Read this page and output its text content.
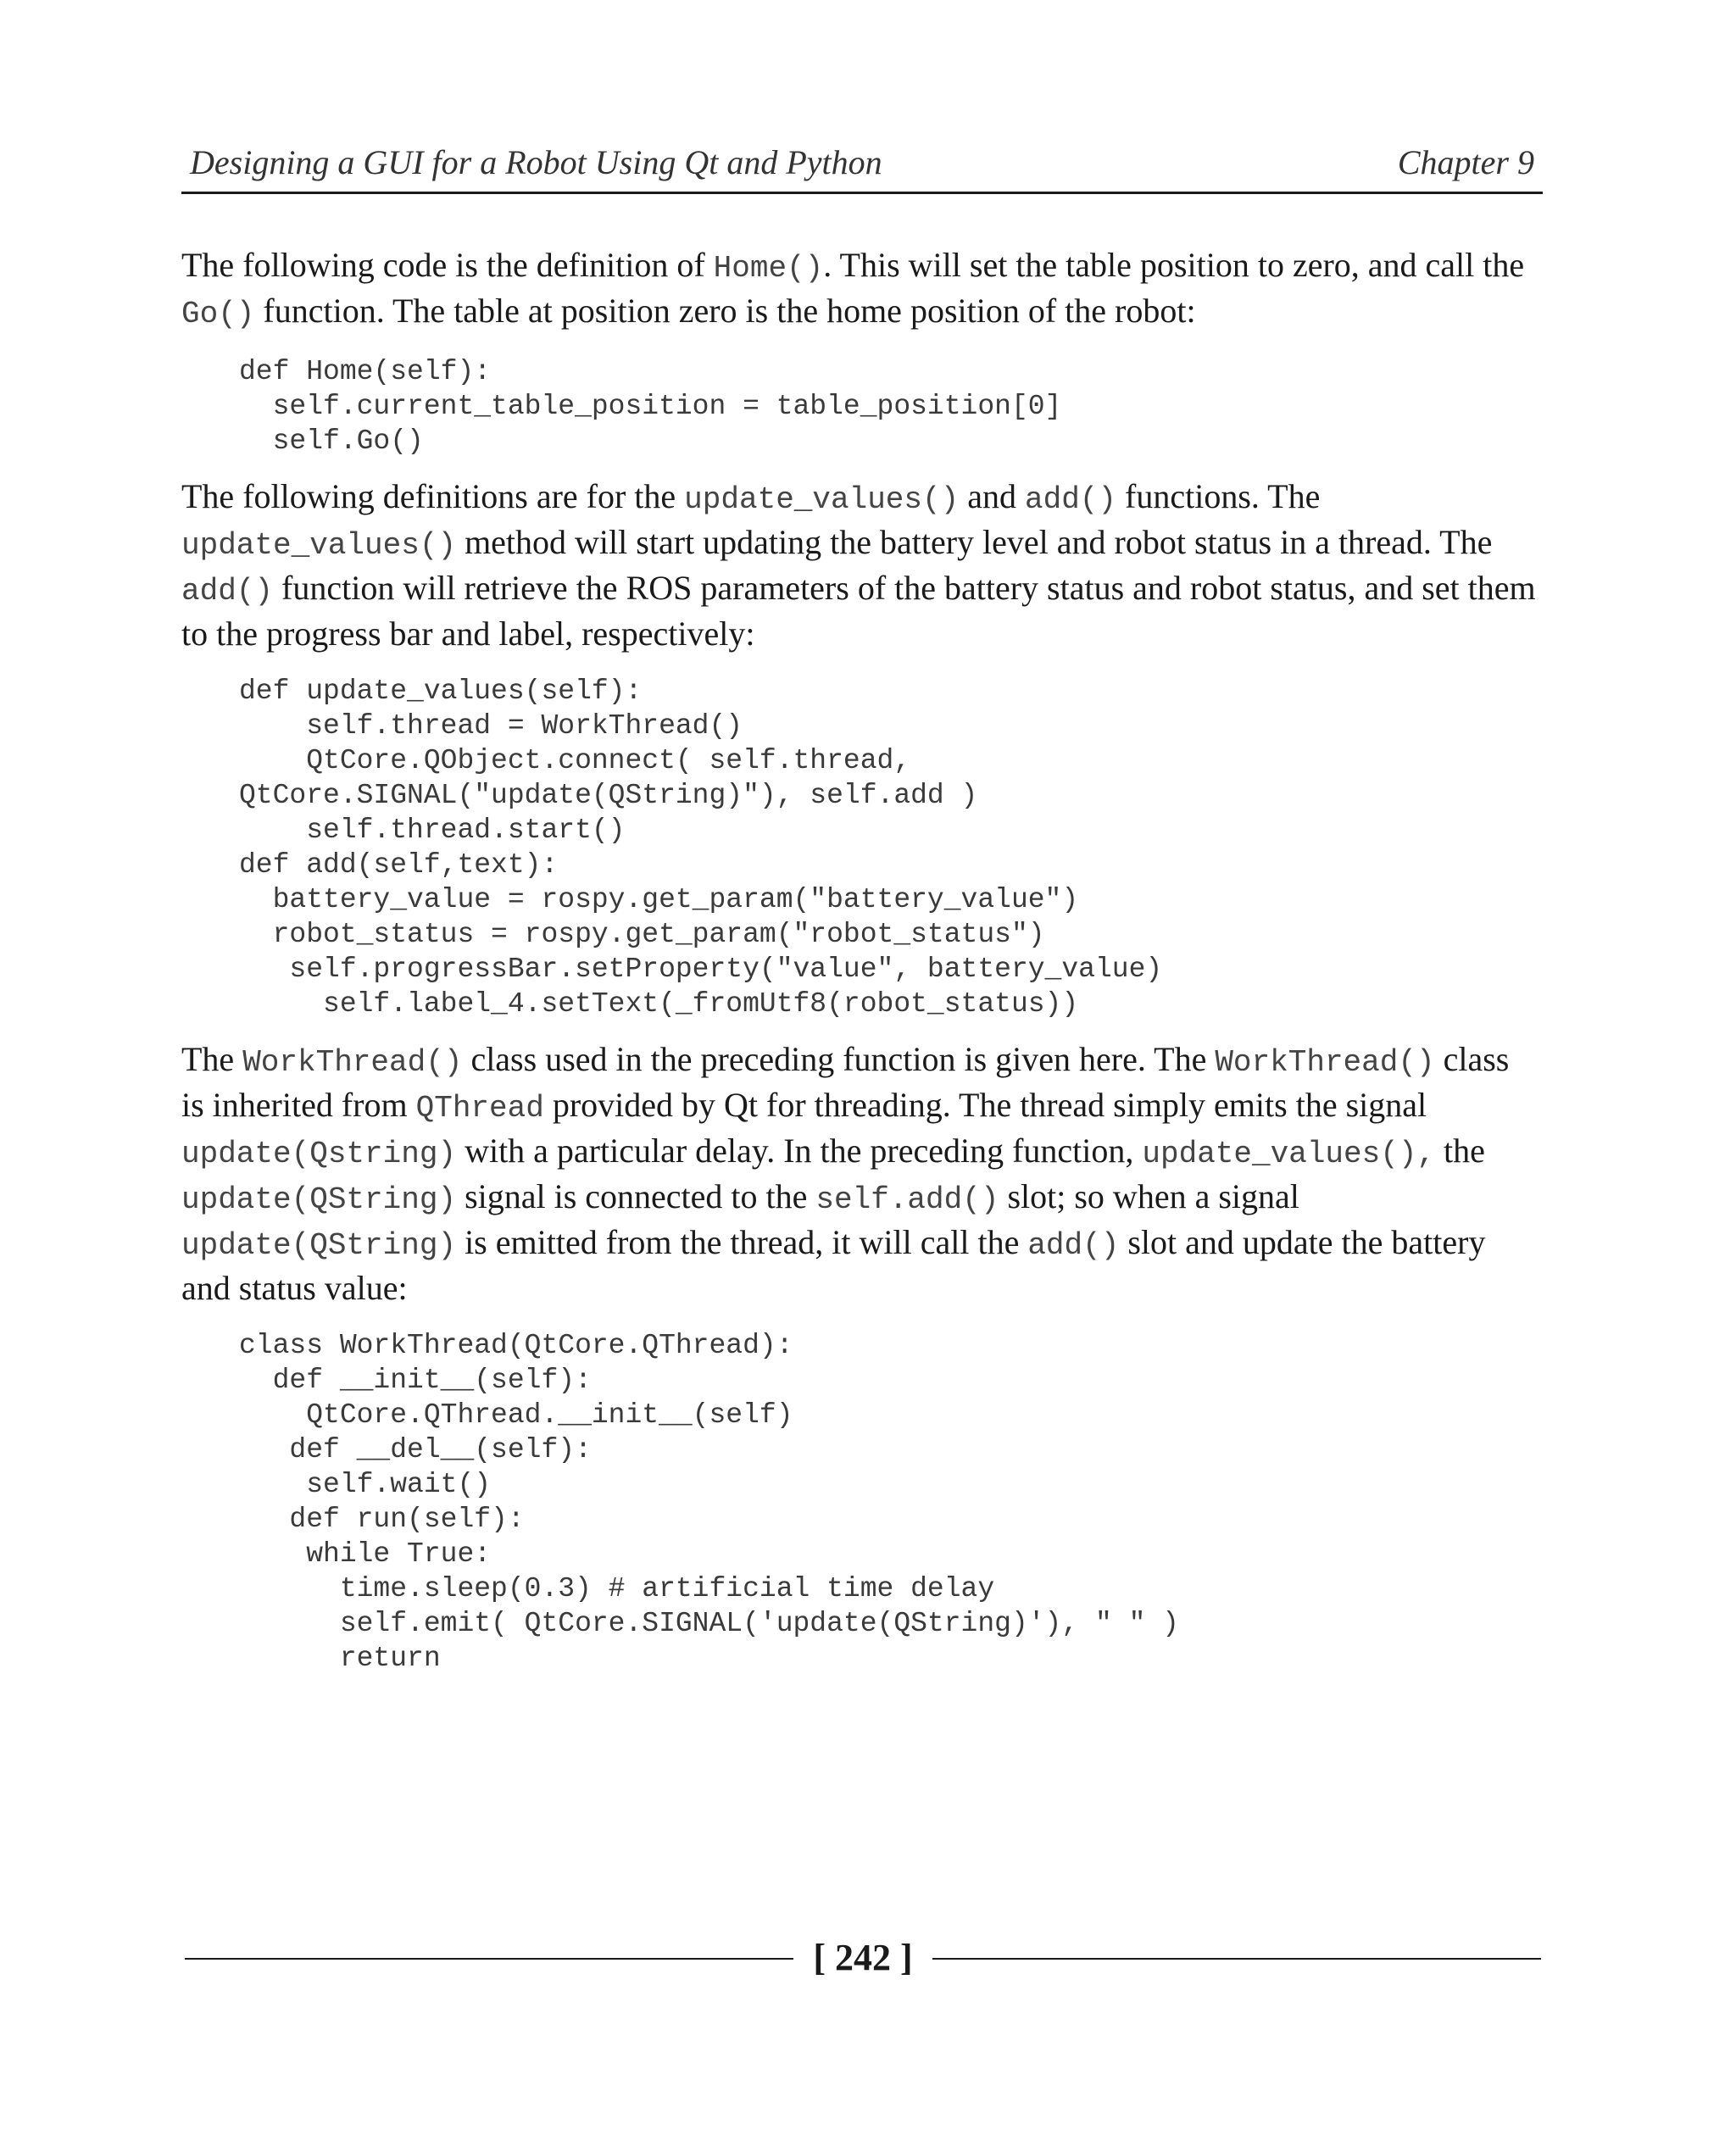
Designing a GUI for a Robot Using Qt and Python	Chapter 9

The following code is the definition of Home(). This will set the table position to zero, and call the Go() function. The table at position zero is the home position of the robot:

def Home(self):
self.current_table_position = table_position[0]
self.Go()

The following definitions are for the update_values() and add() functions. The update_values() method will start updating the battery level and robot status in a thread. The add() function will retrieve the ROS parameters of the battery status and robot status, and set them to the progress bar and label, respectively:

def update_values(self):
self.thread = WorkThread()
QtCore.QObject.connect( self.thread,
QtCore.SIGNAL("update(QString)"), self.add )
self.thread.start()
def add(self,text):
battery_value = rospy.get_param("battery_value")
robot_status = rospy.get_param("robot_status")
self.progressBar.setProperty("value", battery_value)
self.label_4.setText(_fromUtf8(robot_status))

The WorkThread() class used in the preceding function is given here. The WorkThread() class is inherited from QThread provided by Qt for threading. The thread simply emits the signal update(Qstring) with a particular delay. In the preceding function, update_values(), the update(QString) signal is connected to the self.add() slot; so when a signal update(QString) is emitted from the thread, it will call the add() slot and update the battery and status value:

class WorkThread(QtCore.QThread):
def __init__(self):
QtCore.QThread.__init__(self)
def __del__(self):
self.wait()
def run(self):
while True:
time.sleep(0.3) # artificial time delay
self.emit( QtCore.SIGNAL('update(QString)'), " " )
return
[ 242 ]
